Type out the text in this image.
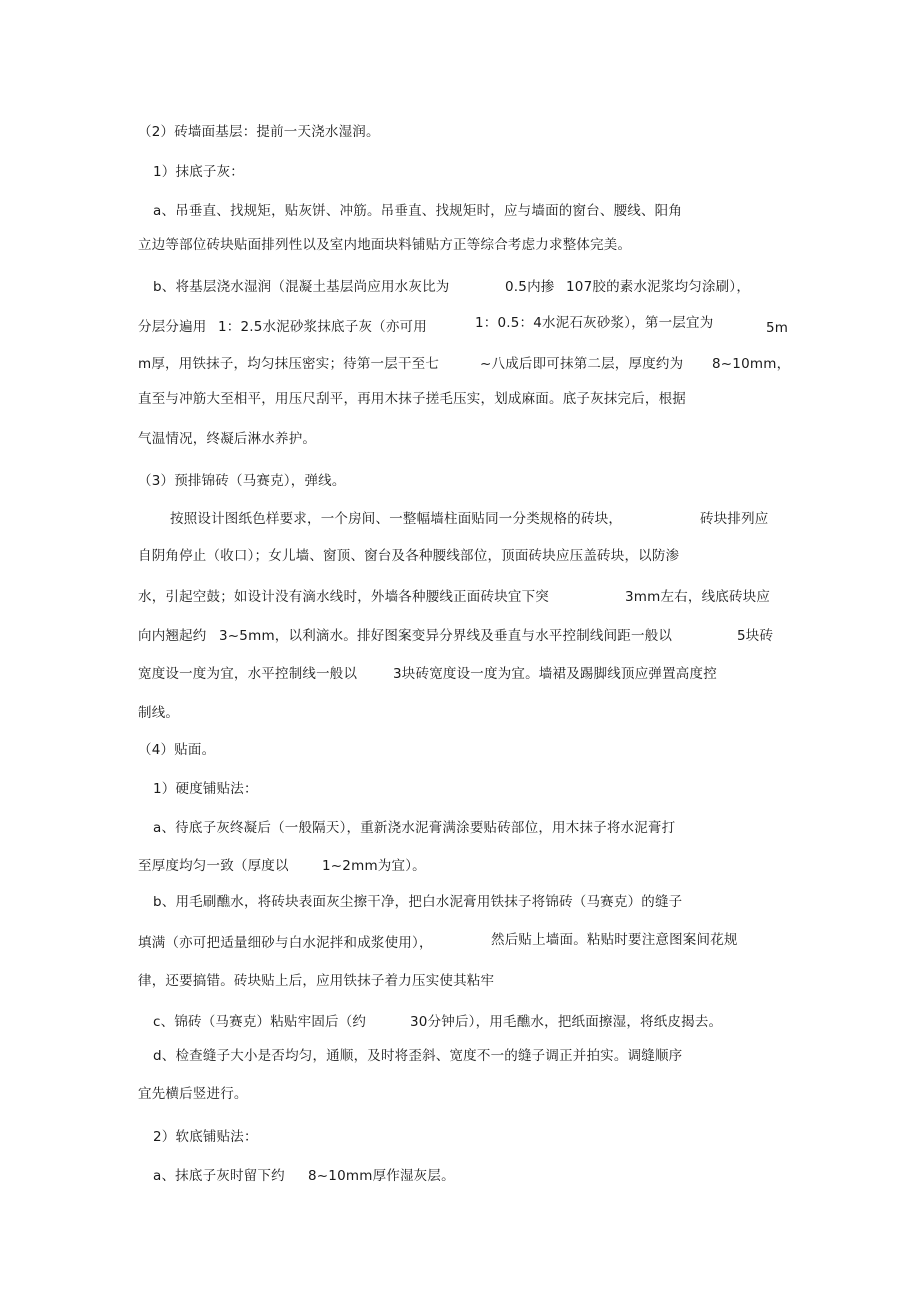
（2）砖墙面基层：提前一天浇水湿润。
1）抹底子灰：
a、吊垂直、找规矩，贴灰饼、冲筋。吊垂直、找规矩时，应与墙面的窗台、腰线、阳角
立边等部位砖块贴面排列性以及室内地面块料铺贴方正等综合考虑力求整体完美。
b、将基层浇水湿润（混凝土基层尚应用水灰比为	0.5内掺 107胶的素水泥浆均匀涂刷），
分层分遍用 1：2.5水泥砂浆抹底子灰（亦可用	1：0.5：4水泥石灰砂浆），第一层宜为	5m
m厚，用铁抹子，均匀抹压密实；待第一层干至七	~八成后即可抹第二层，厚度约为 8~10mm，
直至与冲筋大至相平，用压尺刮平，再用木抹子搓毛压实，划成麻面。底子灰抹完后，根据
气温情况，终凝后淋水养护。
（3）预排锦砖（马赛克），弹线。
按照设计图纸色样要求，一个房间、一整幅墙柱面贴同一分类规格的砖块，	砖块排列应
自阴角停止（收口）；女儿墙、窗顶、窗台及各种腰线部位，顶面砖块应压盖砖块，以防渗
水，引起空鼓；如设计没有滴水线时，外墙各种腰线正面砖块宜下突	3mm左右，线底砖块应
向内翘起约 3~5mm，以利滴水。排好图案变异分界线及垂直与水平控制线间距一般以	5块砖
宽度设一度为宜，水平控制线一般以	3块砖宽度设一度为宜。墙裙及踢脚线顶应弹置高度控
制线。
（4）贴面。
1）硬度铺贴法：
a、待底子灰终凝后（一般隔天），重新浇水泥膏满涂要贴砖部位，用木抹子将水泥膏打
至厚度均匀一致（厚度以 1~2mm为宜）。
b、用毛刷醮水，将砖块表面灰尘擦干净，把白水泥膏用铁抹子将锦砖（马赛克）的缝子
填满（亦可把适量细砂与白水泥拌和成浆使用），	然后贴上墙面。粘贴时要注意图案间花规
律，还要搞错。砖块贴上后，应用铁抹子着力压实使其粘牢
c、锦砖（马赛克）粘贴牢固后（约	30分钟后），用毛醮水，把纸面擦湿，将纸皮揭去。
d、检查缝子大小是否均匀，通顺，及时将歪斜、宽度不一的缝子调正并拍实。调缝顺序
宜先横后竖进行。
2）软底铺贴法：
a、抹底子灰时留下约 8~10mm厚作湿灰层。
